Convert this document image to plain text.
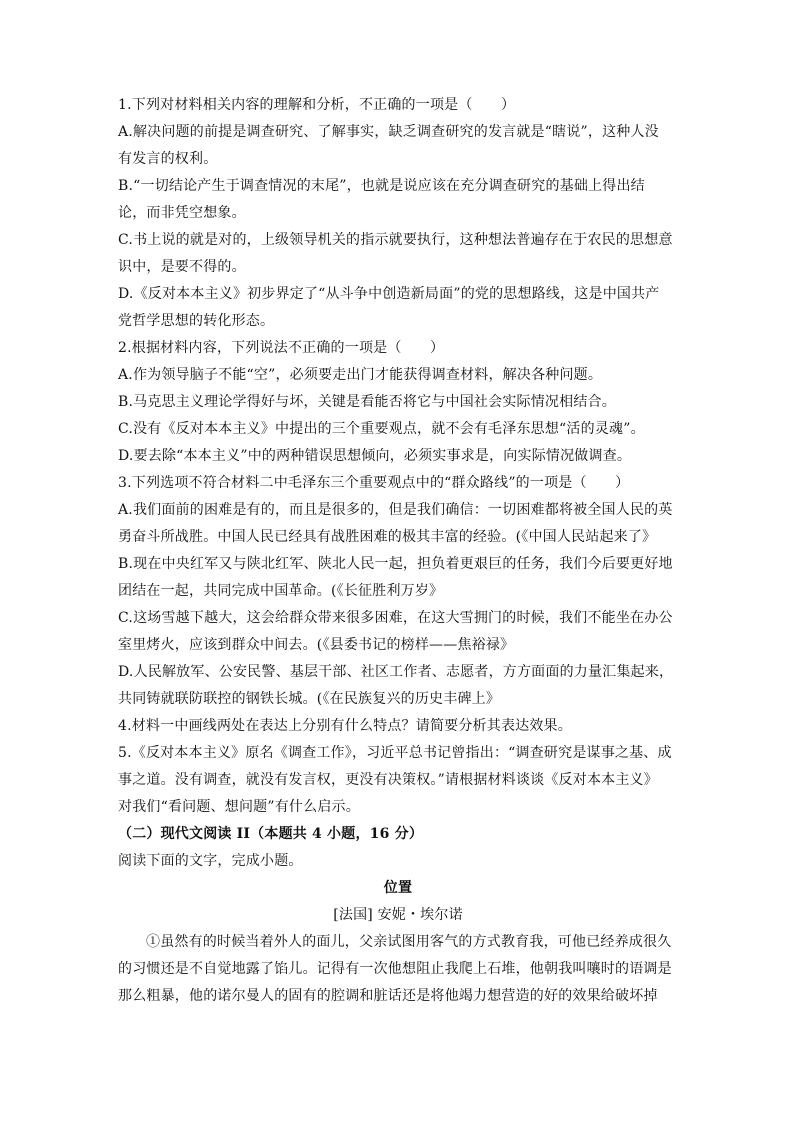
1.下列对材料相关内容的理解和分析，不正确的一项是（　　）
A.解决问题的前提是调查研究、了解事实，缺乏调查研究的发言就是“瞎说”，这种人没
有发言的权利。
B.“一切结论产生于调查情况的末尾”，也就是说应该在充分调查研究的基础上得出结
论，而非凭空想象。
C.书上说的就是对的，上级领导机关的指示就要执行，这种想法普遍存在于农民的思想意
识中，是要不得的。
D.《反对本本主义》初步界定了“从斗争中创造新局面”的党的思想路线，这是中国共产
党哲学思想的转化形态。
2.根据材料内容，下列说法不正确的一项是（　　）
A.作为领导脑子不能“空”，必须要走出门才能获得调查材料，解决各种问题。
B.马克思主义理论学得好与坏，关键是看能否将它与中国社会实际情况相结合。
C.没有《反对本本主义》中提出的三个重要观点，就不会有毛泽东思想“活的灵魂”。
D.要去除“本本主义”中的两种错误思想倾向，必须实事求是，向实际情况做调查。
3.下列选项不符合材料二中毛泽东三个重要观点中的“群众路线”的一项是（　　）
A.我们面前的困难是有的，而且是很多的，但是我们确信：一切困难都将被全国人民的英
勇奋斗所战胜。中国人民已经具有战胜困难的极其丰富的经验。(《中国人民站起来了》
B.现在中央红军又与陕北红军、陕北人民一起，担负着更艰巨的任务，我们今后要更好地
团结在一起，共同完成中国革命。(《长征胜利万岁》
C.这场雪越下越大，这会给群众带来很多困难，在这大雪拥门的时候，我们不能坐在办公
室里烤火，应该到群众中间去。(《县委书记的榜样——焦裕禄》
D.人民解放军、公安民警、基层干部、社区工作者、志愿者，方方面面的力量汇集起来，
共同铸就联防联控的钢铁长城。(《在民族复兴的历史丰碑上》
4.材料一中画线两处在表达上分别有什么特点？请简要分析其表达效果。
5.《反对本本主义》原名《调查工作》，习近平总书记曾指出：“调查研究是谋事之基、成
事之道。没有调查，就没有发言权，更没有决策权。”请根据材料谈谈《反对本本主义》
对我们“看问题、想问题”有什么启示。
（二）现代文阅读 II（本题共 4 小题，16 分）
阅读下面的文字，完成小题。
位置
[法国] 安妮・埃尔诺
①虽然有的时候当着外人的面儿，父亲试图用客气的方式教育我，可他已经养成很久
的习惯还是不自觉地露了馅儿。记得有一次他想阻止我爬上石堆，他朝我叫嚷时的语调是
那么粗暴，他的诺尔曼人的固有的腔调和脏话还是将他竭力想营造的好的效果给破坏掉
